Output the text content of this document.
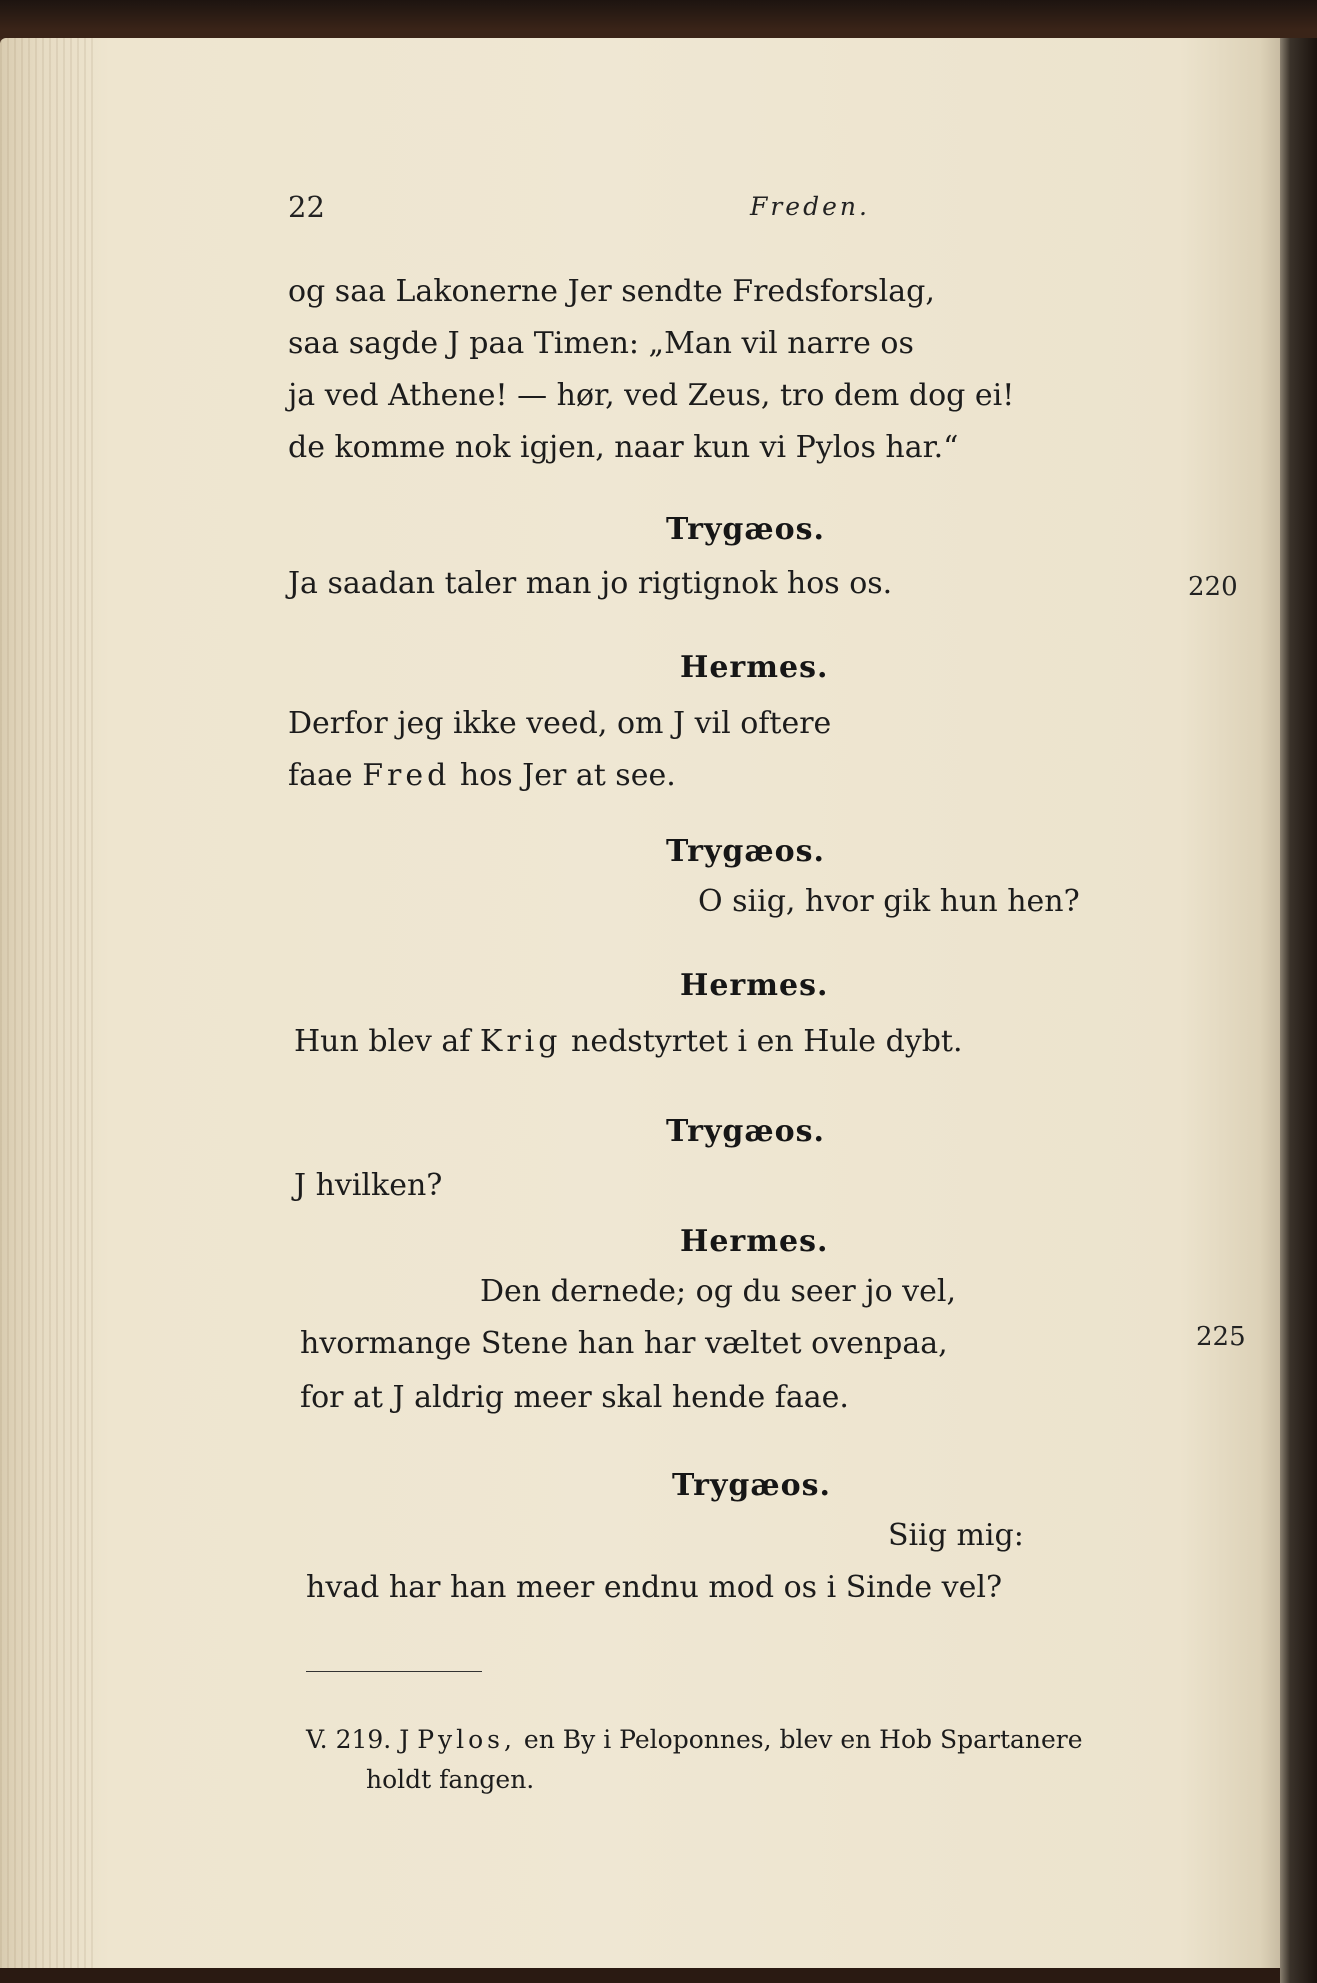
22	Freden.
og saa Lakonerne Jer sendte Fredsforslag,
saa sagde J paa Timen: „Man vil narre os
ja ved Athene! — hør, ved Zeus, tro dem dog ei!
de komme nok igjen, naar kun vi Pylos har.“
Trygæos.
Ja saadan taler man jo rigtignok hos os.	220
Hermes.
Derfor jeg ikke veed, om J vil oftere
faae Fred hos Jer at see.
Trygæos.
O siig, hvor gik hun hen?
Hermes.
Hun blev af Krig nedstyrtet i en Hule dybt.
Trygæos.
J hvilken?
Hermes.
Den dernede; og du seer jo vel,
hvormange Stene han har væltet ovenpaa,	225
for at J aldrig meer skal hende faae.
Trygæos.
Siig mig:
hvad har han meer endnu mod os i Sinde vel?
V. 219. J Pylos, en By i Peloponnes, blev en Hob Spartanere
holdt fangen.
